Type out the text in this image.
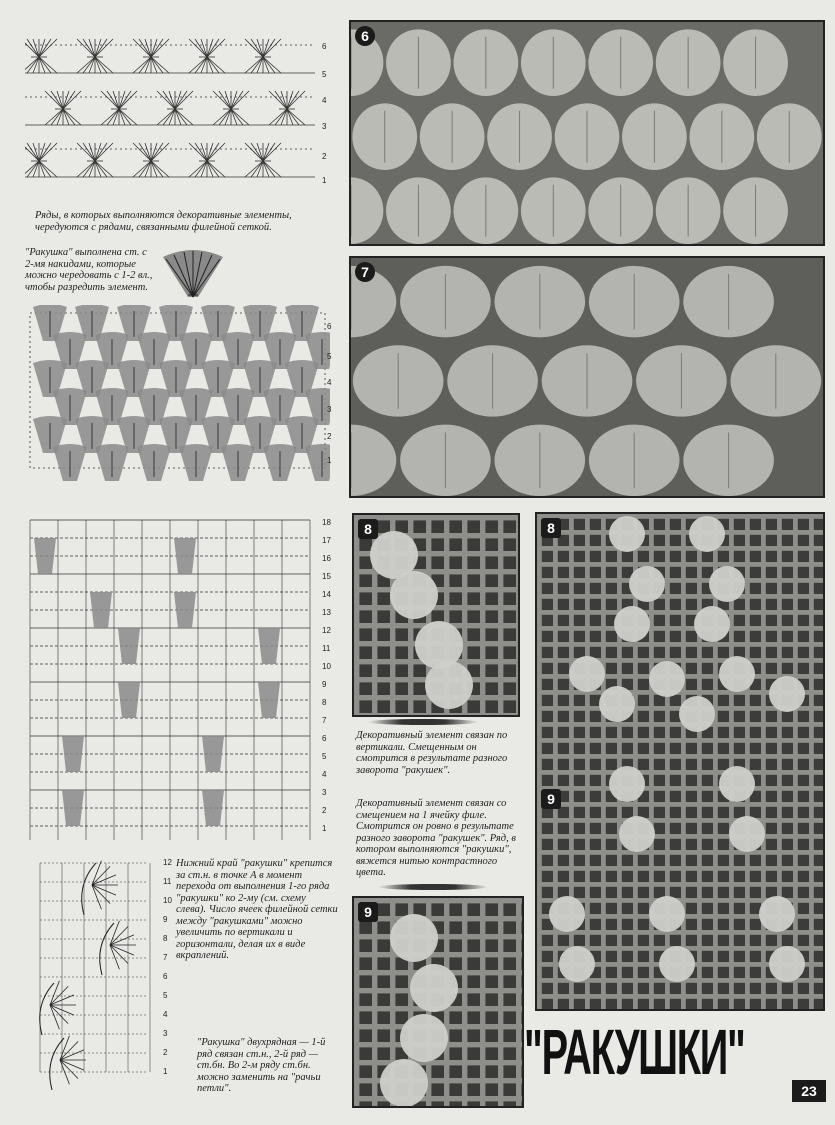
6
5
4
3
2
1
Ряды, в которых выполняются декоративные элементы, чередуются с рядами, связанными филейной сеткой.
"Ракушка" выполнена ст. с 2-мя накидами, которые можно чередовать с 1-2 вл., чтобы разредить элемент.
6
5
4
3
2
1
18
17
16
15
14
13
12
11
10
9
8
7
6
5
4
3
2
1
12
11
10
9
8
7
6
5
4
3
2
1
Нижний край "ракушки" крепится за ст.н. в точке А в момент перехода от выполнения 1-го ряда "ракушки" ко 2-му (см. схему слева). Число ячеек филейной сетки между "ракушками" можно увеличить по вертикали и горизонтали, делая их в виде вкраплений.
"Ракушка" двухрядная — 1-й ряд связан ст.н., 2-й ряд — ст.бн. Во 2-м ряду ст.бн. можно заменить на "рачьи петли".
6
7
8
Декоративный элемент связан по вертикали. Смещенным он смотрится в результате разного заворота "ракушек".
Декоративный элемент связан со смещением на 1 ячейку филе. Смотрится он ровно в результате разного заворота "ракушек". Ряд, в котором выполняются "ракушки", вяжется нитью контрастного цвета.
9
8
9
"РАКУШКИ"
23
